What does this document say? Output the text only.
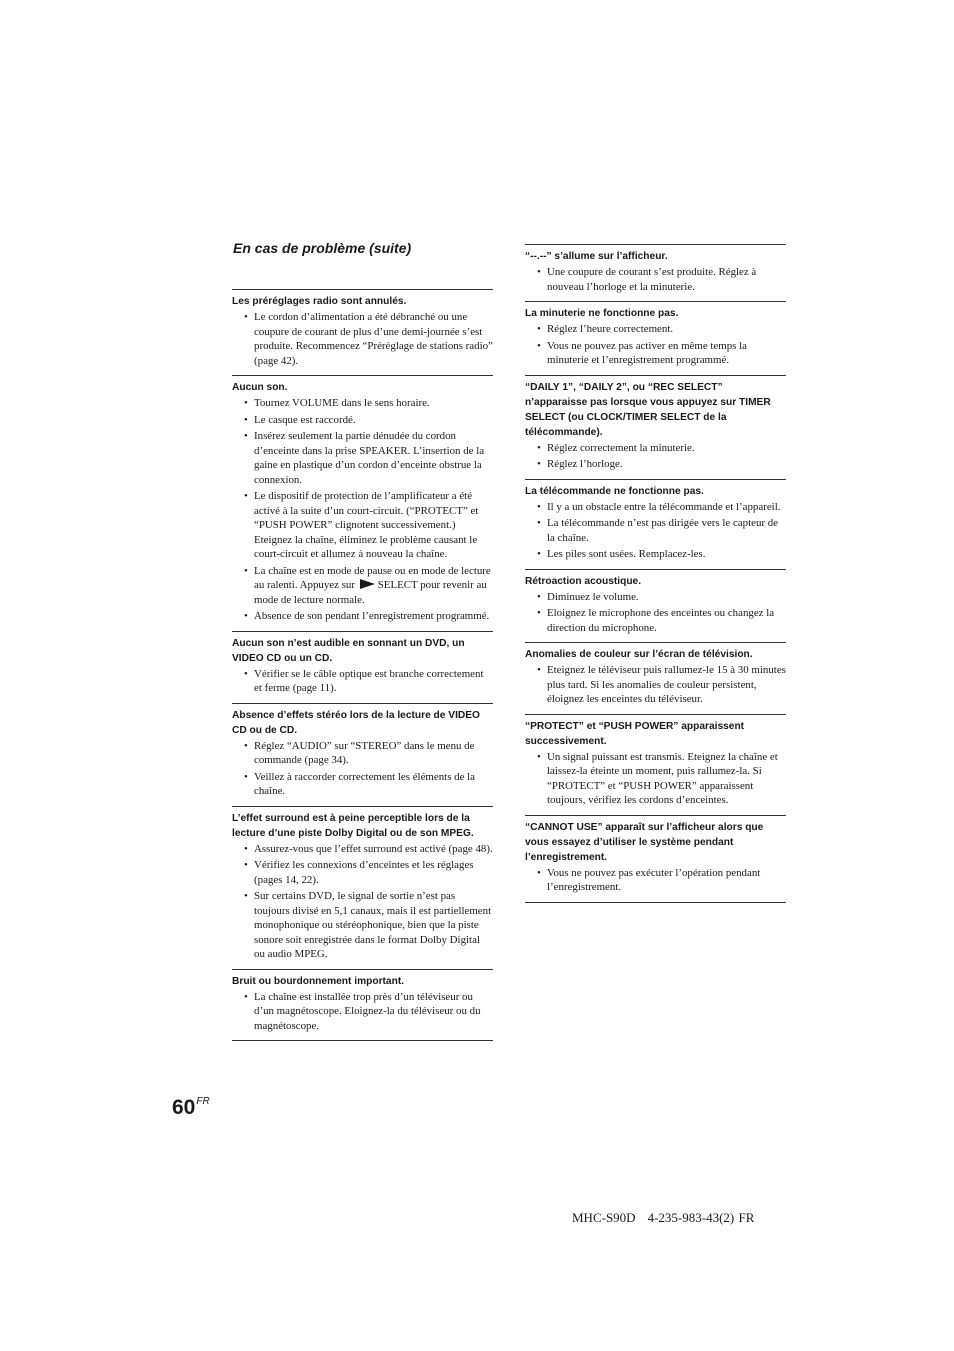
En cas de problème (suite)
Les préréglages radio sont annulés.
• Le cordon d’alimentation a été débranché ou une coupure de courant de plus d’une demi-journée s’est produite. Recommencez “Préréglage de stations radio” (page 42).
Aucun son.
• Tournez VOLUME dans le sens horaire.
• Le casque est raccordé.
• Insérez seulement la partie dénudée du cordon d’enceinte dans la prise SPEAKER. L’insertion de la gaine en plastique d’un cordon d’enceinte obstrue la connexion.
• Le dispositif de protection de l’amplificateur a été activé à la suite d’un court-circuit. (“PROTECT” et “PUSH POWER” clignotent successivement.) Eteignez la chaîne, éliminez le problème causant le court-circuit et allumez à nouveau la chaîne.
• La chaîne est en mode de pause ou en mode de lecture au ralenti. Appuyez sur SELECT pour revenir au mode de lecture normale.
• Absence de son pendant l’enregistrement programmé.
Aucun son n’est audible en sonnant un DVD, un VIDEO CD ou un CD.
• Vérifier se le câble optique est branche correctement et ferme (page 11).
Absence d’effets stéréo lors de la lecture de VIDEO CD ou de CD.
• Réglez “AUDIO” sur “STEREO” dans le menu de commande (page 34).
• Veillez à raccorder correctement les éléments de la chaîne.
L’effet surround est à peine perceptible lors de la lecture d’une piste Dolby Digital ou de son MPEG.
• Assurez-vous que l’effet surround est activé (page 48).
• Vérifiez les connexions d’enceintes et les réglages (pages 14, 22).
• Sur certains DVD, le signal de sortie n’est pas toujours divisé en 5,1 canaux, mais il est partiellement monophonique ou stéréophonique, bien que la piste sonore soit enregistrée dans le format Dolby Digital ou audio MPEG.
Bruit ou bourdonnement important.
• La chaîne est installée trop près d’un téléviseur ou d’un magnétoscope. Eloignez-la du téléviseur ou du magnétoscope.
“--.--” s’allume sur l’afficheur.
• Une coupure de courant s’est produite. Réglez à nouveau l’horloge et la minuterie.
La minuterie ne fonctionne pas.
• Réglez l’heure correctement.
• Vous ne pouvez pas activer en même temps la minuterie et l’enregistrement programmé.
“DAILY 1”, “DAILY 2”, ou “REC SELECT” n’apparaisse pas lorsque vous appuyez sur TIMER SELECT (ou CLOCK/TIMER SELECT de la télécommande).
• Réglez correctement la minuterie.
• Réglez l’horloge.
La télécommande ne fonctionne pas.
• Il y a un obstacle entre la télécommande et l’appareil.
• La télécommande n’est pas dirigée vers le capteur de la chaîne.
• Les piles sont usées. Remplacez-les.
Rétroaction acoustique.
• Diminuez le volume.
• Eloignez le microphone des enceintes ou changez la direction du microphone.
Anomalies de couleur sur l’écran de télévision.
• Eteignez le téléviseur puis rallumez-le 15 à 30 minutes plus tard. Si les anomalies de couleur persistent, éloignez les enceintes du téléviseur.
“PROTECT” et “PUSH POWER” apparaissent successivement.
• Un signal puissant est transmis. Eteignez la chaîne et laissez-la éteinte un moment, puis rallumez-la. Si “PROTECT” et “PUSH POWER” apparaissent toujours, vérifiez les cordons d’enceintes.
“CANNOT USE” apparaît sur l’afficheur alors que vous essayez d’utiliser le système pendant l’enregistrement.
• Vous ne pouvez pas exécuter l’opération pendant l’enregistrement.
$60^{FR}$
MHC-S90D 4-235-983-43(2) FR
